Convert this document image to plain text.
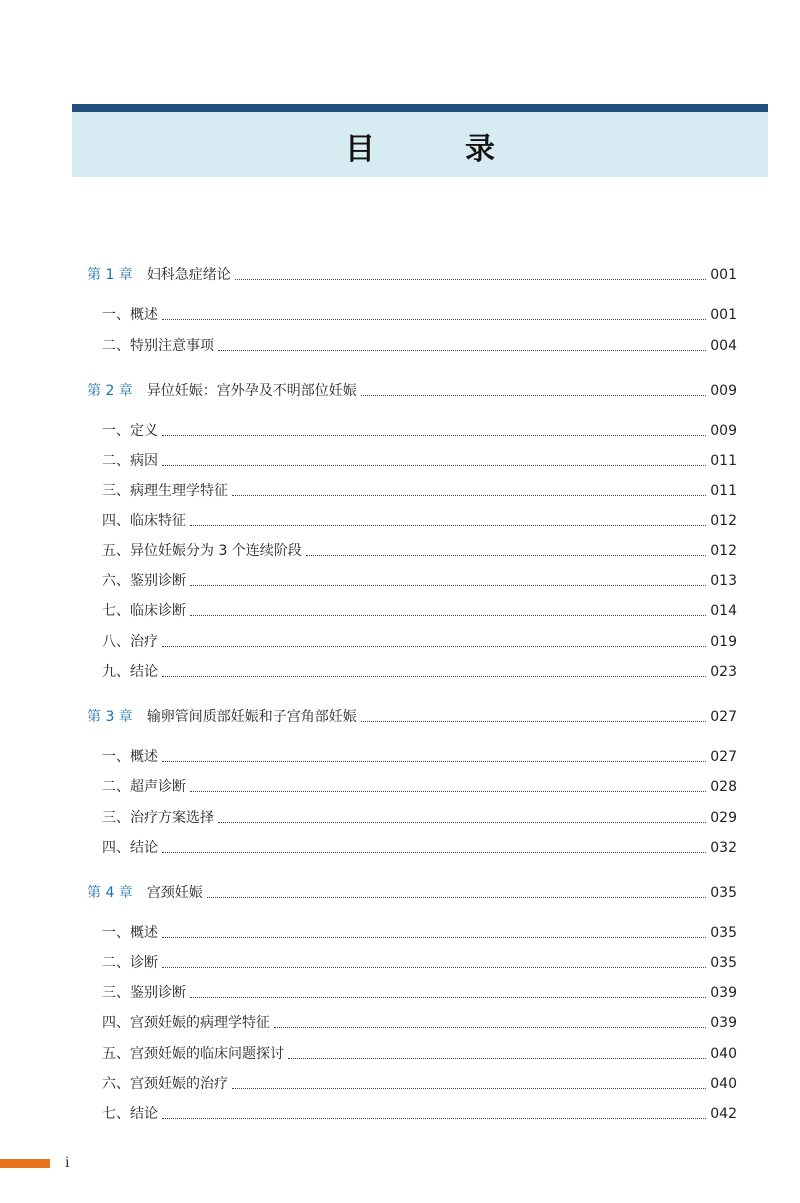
目　录
第 1 章 妇科急症绪论	001
一、概述	001
二、特别注意事项	004
第 2 章 异位妊娠：宫外孕及不明部位妊娠	009
一、定义	009
二、病因	011
三、病理生理学特征	011
四、临床特征	012
五、异位妊娠分为 3 个连续阶段	012
六、鉴别诊断	013
七、临床诊断	014
八、治疗	019
九、结论	023
第 3 章 输卵管间质部妊娠和子宫角部妊娠	027
一、概述	027
二、超声诊断	028
三、治疗方案选择	029
四、结论	032
第 4 章 宫颈妊娠	035
一、概述	035
二、诊断	035
三、鉴别诊断	039
四、宫颈妊娠的病理学特征	039
五、宫颈妊娠的临床问题探讨	040
六、宫颈妊娠的治疗	040
七、结论	042
i
